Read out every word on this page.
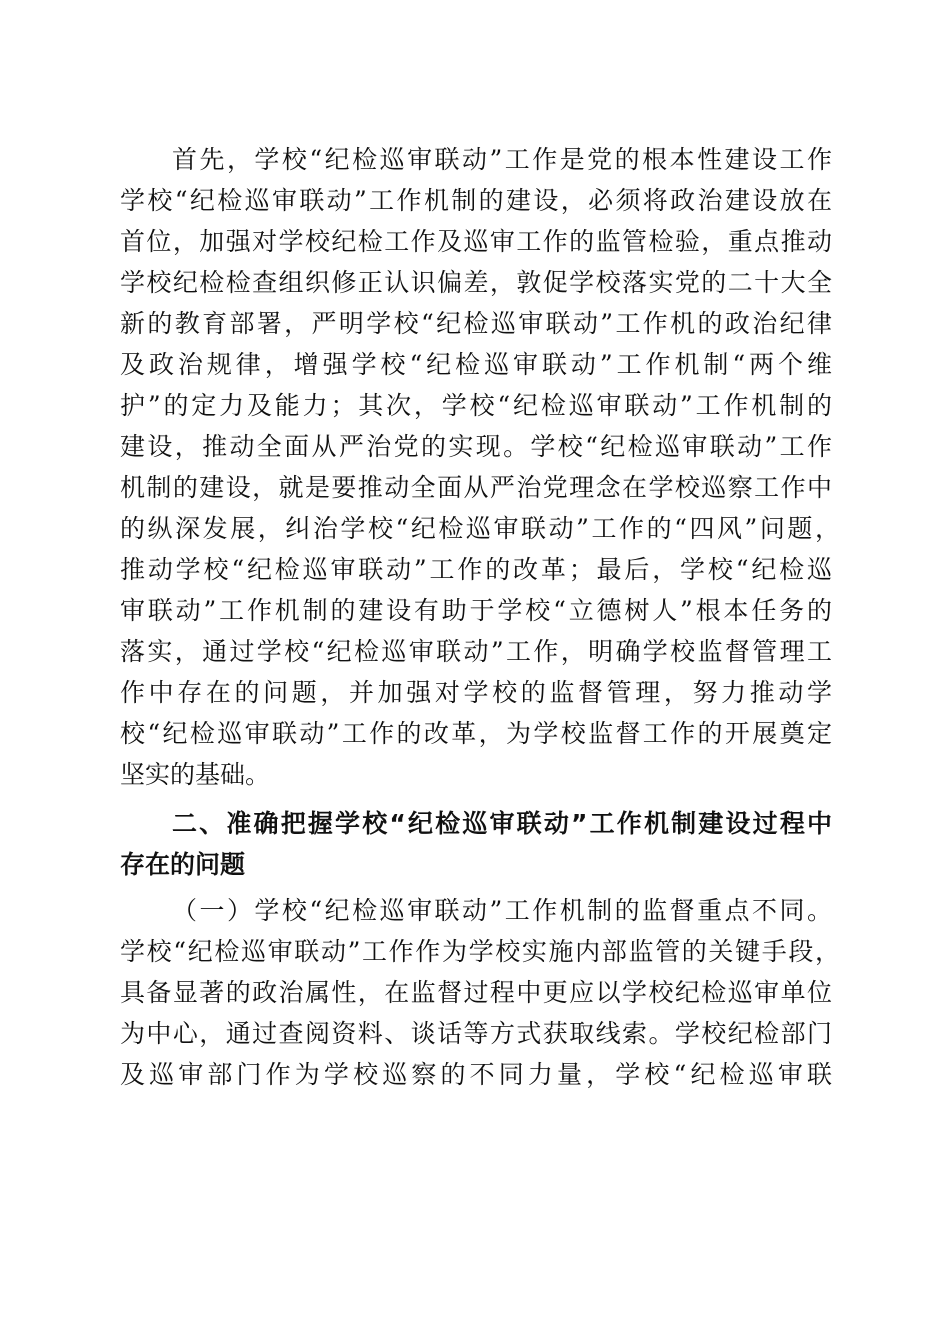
首先，学校“纪检巡审联动”工作是党的根本性建设工作
学校“纪检巡审联动”工作机制的建设，必须将政治建设放在
首位，加强对学校纪检工作及巡审工作的监管检验，重点推动
学校纪检检查组织修正认识偏差，敦促学校落实党的二十大全
新的教育部署，严明学校“纪检巡审联动”工作机的政治纪律
及政治规律，增强学校“纪检巡审联动”工作机制“两个维
护”的定力及能力；其次，学校“纪检巡审联动”工作机制的
建设，推动全面从严治党的实现。学校“纪检巡审联动”工作
机制的建设，就是要推动全面从严治党理念在学校巡察工作中
的纵深发展，纠治学校“纪检巡审联动”工作的“四风”问题，
推动学校“纪检巡审联动”工作的改革；最后，学校“纪检巡
审联动”工作机制的建设有助于学校“立德树人”根本任务的
落实，通过学校“纪检巡审联动”工作，明确学校监督管理工
作中存在的问题，并加强对学校的监督管理，努力推动学
校“纪检巡审联动”工作的改革，为学校监督工作的开展奠定
坚实的基础。
二、准确把握学校“纪检巡审联动”工作机制建设过程中
存在的问题
（一）学校“纪检巡审联动”工作机制的监督重点不同。
学校“纪检巡审联动”工作作为学校实施内部监管的关键手段，
具备显著的政治属性，在监督过程中更应以学校纪检巡审单位
为中心，通过查阅资料、谈话等方式获取线索。学校纪检部门
及巡审部门作为学校巡察的不同力量，学校“纪检巡审联
